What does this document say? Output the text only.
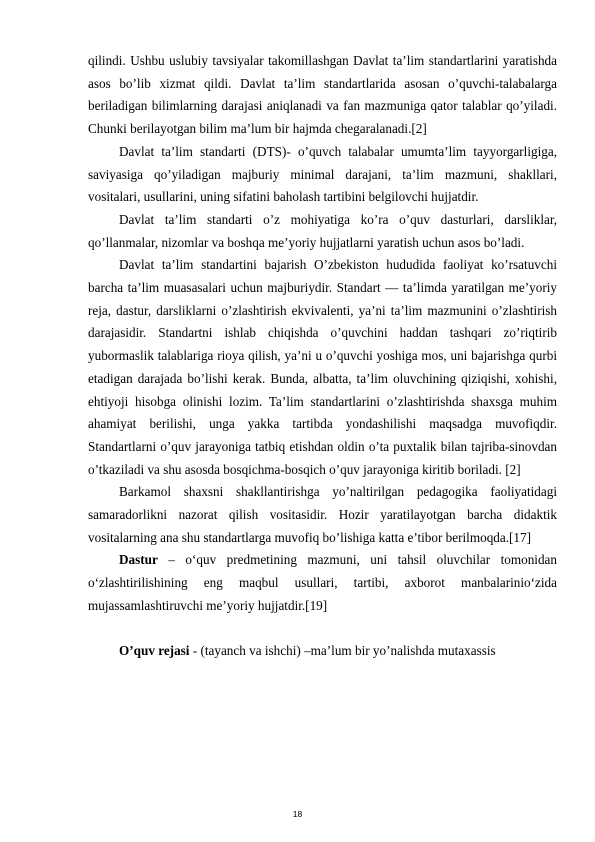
qilindi. Ushbu uslubiy tavsiyalar takomillashgan Davlat ta’lim standartlarini yaratishda asos bo’lib xizmat qildi. Davlat ta’lim standartlarida asosan o’quvchi-talabalarga beriladigan bilimlarning darajasi aniqlanadi va fan mazmuniga qator talablar qo’yiladi. Chunki berilayotgan bilim ma’lum bir hajmda chegaralanadi.[2]

Davlat ta’lim standarti (DTS)- o’quvch talabalar umumta’lim tayyorgarligiga, saviyasiga qo’yiladigan majburiy minimal darajani, ta’lim mazmuni, shakllari, vositalari, usullarini, uning sifatini baholash tartibini belgilovchi hujjatdir.

Davlat ta’lim standarti o’z mohiyatiga ko’ra o’quv dasturlari, darsliklar, qo’llanmalar, nizomlar va boshqa me’yoriy hujjatlarni yaratish uchun asos bo’ladi.

Davlat ta’lim standartini bajarish O’zbekiston hududida faoliyat ko’rsatuvchi barcha ta’lim muasasalari uchun majburiydir. Standart — ta’limda yaratilgan me’yoriy reja, dastur, darsliklarni o’zlashtirish ekvivalenti, ya’ni ta’lim mazmunini o’zlashtirish darajasidir. Standartni ishlab chiqishda o’quvchini haddan tashqari zo’riqtirib yubormaslik talablariga rioya qilish, ya’ni u o’quvchi yoshiga mos, uni bajarishga qurbi etadigan darajada bo’lishi kerak. Bunda, albatta, ta’lim oluvchining qiziqishi, xohishi, ehtiyoji hisobga olinishi lozim. Ta’lim standartlarini o’zlashtirishda shaxsga muhim ahamiyat berilishi, unga yakka tartibda yondashilishi maqsadga muvofiqdir. Standartlarni o’quv jarayoniga tatbiq etishdan oldin o’ta puxtalik bilan tajriba-sinovdan o’tkaziladi va shu asosda bosqichma-bosqich o’quv jarayoniga kiritib boriladi. [2]

Barkamol shaxsni shakllantirishga yo’naltirilgan pedagogika faoliyatidagi samaradorlikni nazorat qilish vositasidir. Hozir yaratilayotgan barcha didaktik vositalarning ana shu standartlarga muvofiq bo’lishiga katta e’tibor berilmoqda.[17]

Dastur – o‘quv predmetining mazmuni, uni tahsil oluvchilar tomonidan o‘zlashtirilishining eng maqbul usullari, tartibi, axborot manbalarinio‘zida mujassamlashtiruvchi me’yoriy hujjatdir.[19]

O’quv rejasi - (tayanch va ishchi) –ma’lum bir yo’nalishda mutaxassis

18
